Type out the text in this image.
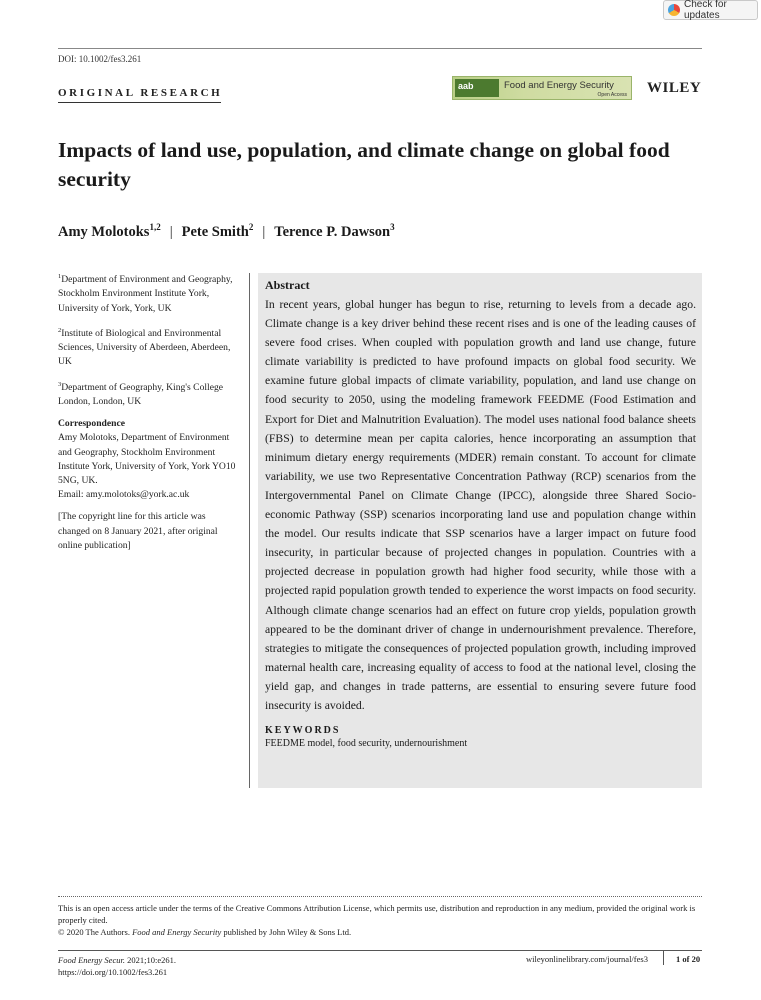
Check for updates
DOI: 10.1002/fes3.261
ORIGINAL RESEARCH
aab	Food and Energy Security
Open Access WILEY
Impacts of land use, population, and climate change on global food security
Amy Molotoks$^{1,2}$ | Pete Smith$^2$ | Terence P. Dawson$^3$

$^1$Department of Environment and Geography, Stockholm Environment Institute York, University of York, York, UK

$^2$Institute of Biological and Environmental Sciences, University of Aberdeen, Aberdeen, UK

$^3$Department of Geography, King's College London, London, UK

Correspondence

Amy Molotoks, Department of Environment and Geography, Stockholm Environment Institute York, University of York, York YO10 5NG, UK.

Email: amy.molotoks@york.ac.uk

[The copyright line for this article was changed on 8 January 2021, after original online publication]

Abstract

In recent years, global hunger has begun to rise, returning to levels from a decade ago. Climate change is a key driver behind these recent rises and is one of the leading causes of severe food crises. When coupled with population growth and land use change, future climate variability is predicted to have profound impacts on global food security. We examine future global impacts of climate variability, population, and land use change on food security to 2050, using the modeling framework FEEDME (Food Estimation and Export for Diet and Malnutrition Evaluation). The model uses national food balance sheets (FBS) to determine mean per capita calories, hence incorporating an assumption that minimum dietary energy requirements (MDER) remain constant. To account for climate variability, we use two Representative Concentration Pathway (RCP) scenarios from the Intergovernmental Panel on Climate Change (IPCC), alongside three Shared Socio-economic Pathway (SSP) scenarios incorporating land use and population change within the model. Our results indicate that SSP scenarios have a larger impact on future food insecurity, in particular because of projected changes in population. Countries with a projected decrease in population growth had higher food security, while those with a projected rapid population growth tended to experience the worst impacts on food security. Although climate change scenarios had an effect on future crop yields, population growth appeared to be the dominant driver of change in undernourishment prevalence. Therefore, strategies to mitigate the consequences of projected population growth, including improved maternal health care, increasing equality of access to food at the national level, closing the yield gap, and changes in trade patterns, are essential to ensuring severe future food insecurity is avoided.

KEYWORDS

FEEDME model, food security, undernourishment

This is an open access article under the terms of the Creative Commons Attribution License, which permits use, distribution and reproduction in any medium, provided the original work is properly cited.

© 2020 The Authors. Food and Energy Security published by John Wiley & Sons Ltd.

Food Energy Secur. 2021;10:e261.
https://doi.org/10.1002/fes3.261
wileyonlinelibrary.com/journal/fes3	1 of 20
